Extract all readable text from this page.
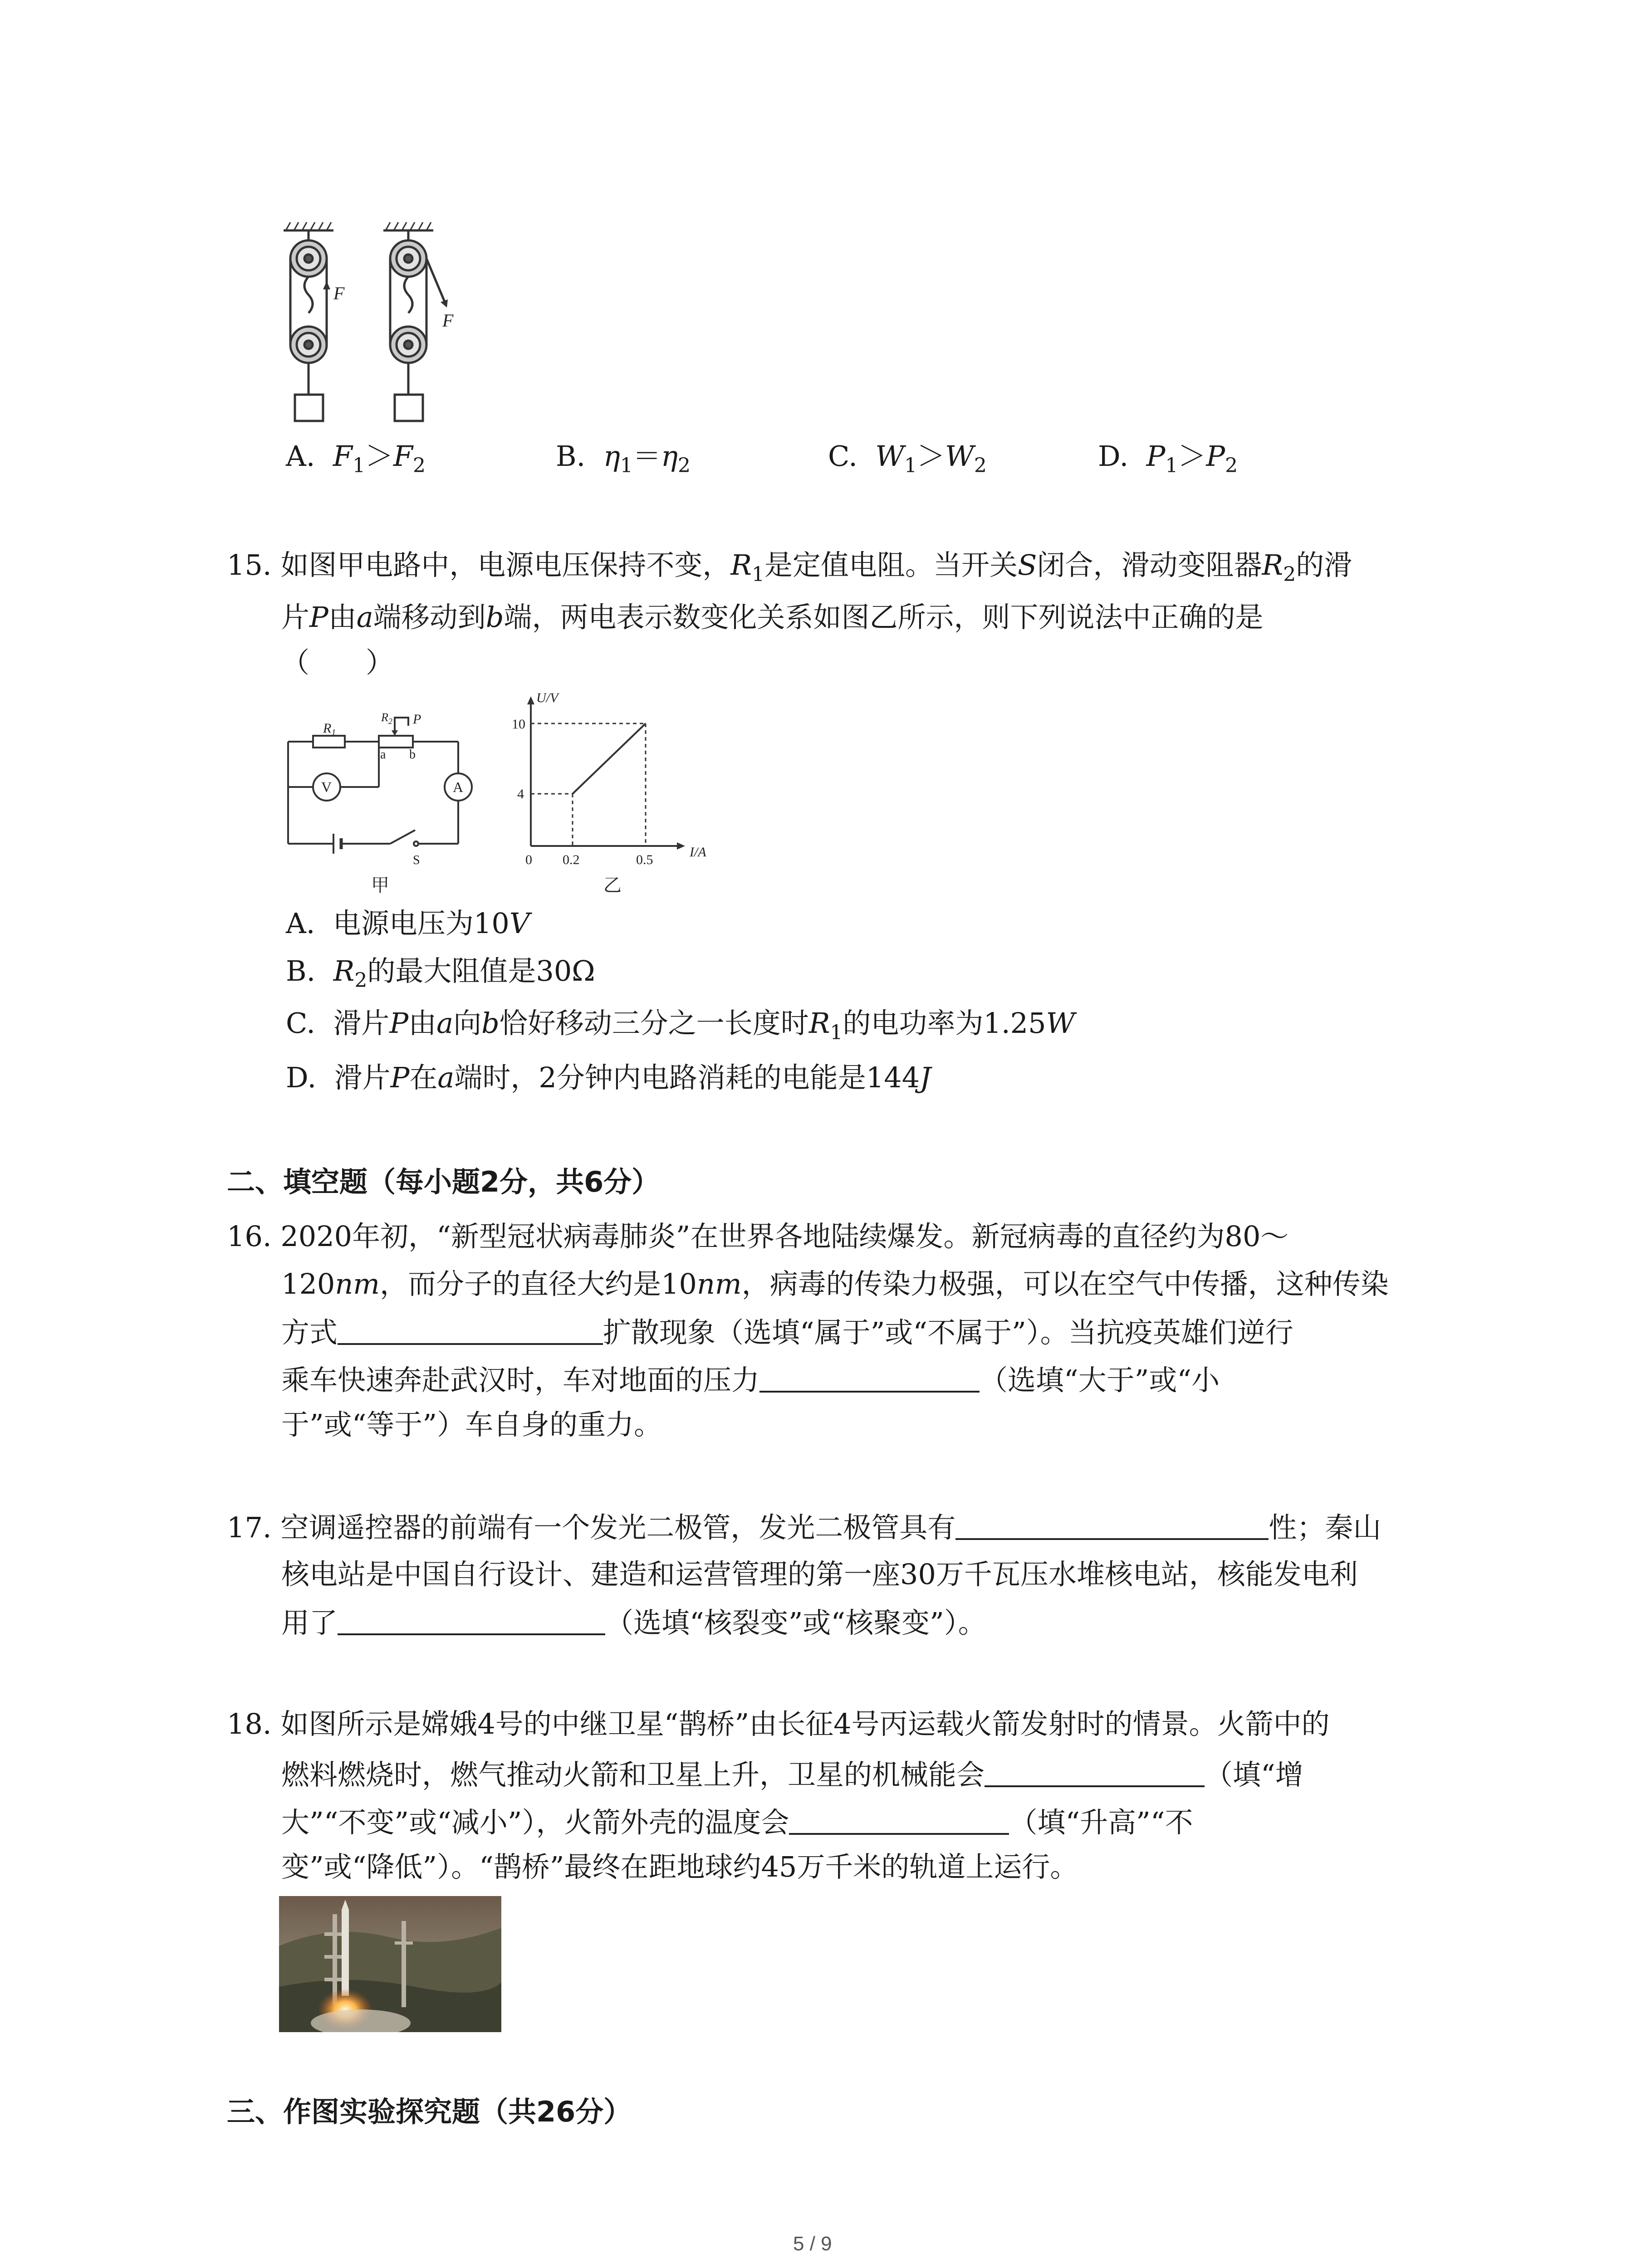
F
F
A. $F_1>F_2$	B. $\eta_1=\eta_2$	C. $W_1>W_2$	D. $P_1>P_2$
15. 如图甲电路中，电源电压保持不变，$R_1$是定值电阻。当开关S闭合，滑动变阻器$R_2$的滑
片P由a端移动到b端，两电表示数变化关系如图乙所示，则下列说法中正确的是
（　　）
$R_1$
$R_2$ P
a b
V	A
S
甲
U/V
10
4
0 0.2	0.5
I/A
乙
A. 电源电压为10V
B. $R_2$的最大阻值是30Ω
C. 滑片P由a向b恰好移动三分之一长度时$R_1$的电功率为1.25W
D. 滑片P在a端时，2分钟内电路消耗的电能是144J
二、填空题（每小题2分，共6分）
16. 2020年初，“新型冠状病毒肺炎”在世界各地陆续爆发。新冠病毒的直径约为80～
120nm，而分子的直径大约是10nm，病毒的传染力极强，可以在空气中传播，这种传染
方式	扩散现象（选填“属于”或“不属于”）。当抗疫英雄们逆行
乘车快速奔赴武汉时，车对地面的压力	（选填“大于”或“小
于”或“等于”）车自身的重力。
17. 空调遥控器的前端有一个发光二极管，发光二极管具有	性；秦山
核电站是中国自行设计、建造和运营管理的第一座30万千瓦压水堆核电站，核能发电利
用了	（选填“核裂变”或“核聚变”）。
18. 如图所示是嫦娥4号的中继卫星“鹊桥”由长征4号丙运载火箭发射时的情景。火箭中的
燃料燃烧时，燃气推动火箭和卫星上升，卫星的机械能会	（填“增
大”“不变”或“减小”），火箭外壳的温度会	（填“升高”“不
变”或“降低”）。“鹊桥”最终在距地球约45万千米的轨道上运行。
三、作图实验探究题（共26分）
5 / 9
